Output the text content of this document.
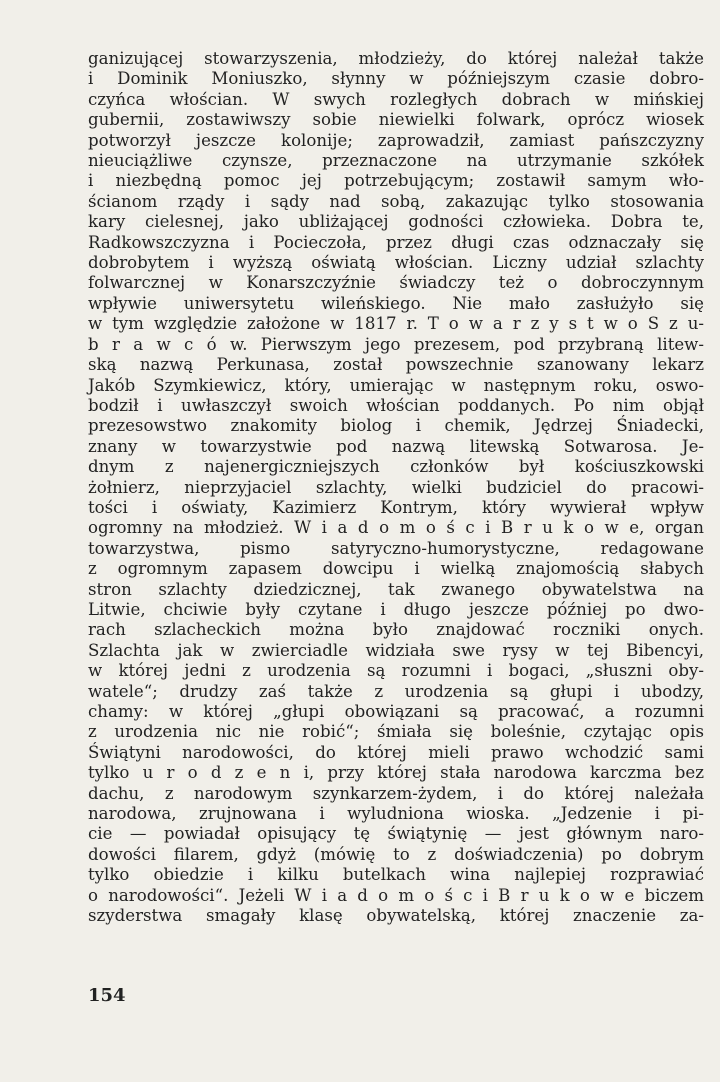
ganizującej stowarzyszenia, młodzieży, do której należał także
i Dominik Moniuszko, słynny w późniejszym czasie dobro-
czyńca włościan. W swych rozległych dobrach w mińskiej
gubernii, zostawiwszy sobie niewielki folwark, oprócz wiosek
potworzył jeszcze kolonije; zaprowadził, zamiast pańszczyzny
nieuciążliwe czynsze, przeznaczone na utrzymanie szkółek
i niezbędną pomoc jej potrzebującym; zostawił samym wło-
ścianom rządy i sądy nad sobą, zakazując tylko stosowania
kary cielesnej, jako ubliżającej godności człowieka. Dobra te,
Radkowszczyzna i Pocieczoła, przez długi czas odznaczały się
dobrobytem i wyższą oświatą włościan. Liczny udział szlachty
folwarcznej w Konarszczyźnie świadczy też o dobroczynnym
wpływie uniwersytetu wileńskiego. Nie mało zasłużyło się
w tym względzie założone w 1817 r. T o w a r z y s t w o S z u-
b r a w c ó w. Pierwszym jego prezesem, pod przybraną litew-
ską nazwą Perkunasa, został powszechnie szanowany lekarz
Jakób Szymkiewicz, który, umierając w następnym roku, oswo-
bodził i uwłaszczył swoich włościan poddanych. Po nim objął
prezesowstwo znakomity biolog i chemik, Jędrzej Śniadecki,
znany w towarzystwie pod nazwą litewską Sotwarosa. Je-
dnym z najenergiczniejszych członków był kościuszkowski
żołnierz, nieprzyjaciel szlachty, wielki budziciel do pracowi-
tości i oświaty, Kazimierz Kontrym, który wywierał wpływ
ogromny na młodzież. W i a d o m o ś c i B r u k o w e, organ
towarzystwa, pismo satyryczno-humorystyczne, redagowane
z ogromnym zapasem dowcipu i wielką znajomością słabych
stron szlachty dziedzicznej, tak zwanego obywatelstwa na
Litwie, chciwie były czytane i długo jeszcze później po dwo-
rach szlacheckich można było znajdować roczniki onych.
Szlachta jak w zwierciadle widziała swe rysy w tej Bibencyi,
w której jedni z urodzenia są rozumni i bogaci, „słuszni oby-
watele“; drudzy zaś także z urodzenia są głupi i ubodzy,
chamy: w której „głupi obowiązani są pracować, a rozumni
z urodzenia nic nie robić“; śmiała się boleśnie, czytając opis
Świątyni narodowości, do której mieli prawo wchodzić sami
tylko u r o d z e n i, przy której stała narodowa karczma bez
dachu, z narodowym szynkarzem-żydem, i do której należała
narodowa, zrujnowana i wyludniona wioska. „Jedzenie i pi-
cie — powiadał opisujący tę świątynię — jest głównym naro-
dowości filarem, gdyż (mówię to z doświadczenia) po dobrym
tylko obiedzie i kilku butelkach wina najlepiej rozprawiać
o narodowości“. Jeżeli W i a d o m o ś c i B r u k o w e biczem
szyderstwa smagały klasę obywatelską, której znaczenie za-
154
